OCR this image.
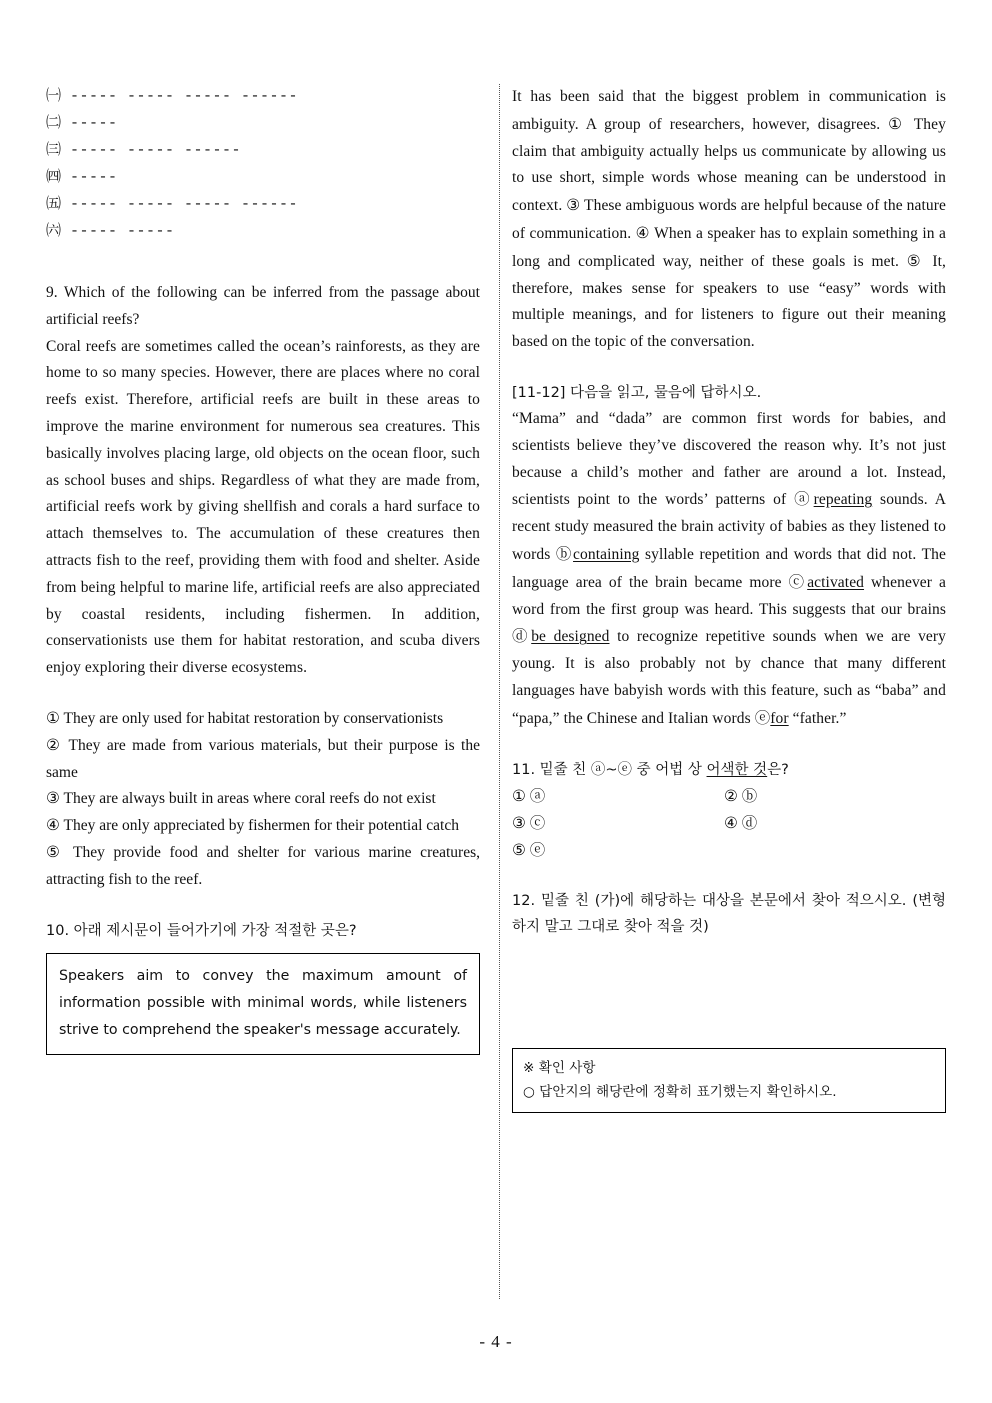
㈠ ----- ----- ----- ------
㈡ -----
㈢ ----- ----- ------
㈣ -----
㈤ ----- ----- ----- ------
㈥ ----- -----

9. Which of the following can be inferred from the passage about artificial reefs?

Coral reefs are sometimes called the ocean’s rainforests, as they are home to so many species. However, there are places where no coral reefs exist. Therefore, artificial reefs are built in these areas to improve the marine environment for numerous sea creatures. This basically involves placing large, old objects on the ocean floor, such as school buses and ships. Regardless of what they are made from, artificial reefs work by giving shellfish and corals a hard surface to attach themselves to. The accumulation of these creatures then attracts fish to the reef, providing them with food and shelter. Aside from being helpful to marine life, artificial reefs are also appreciated by coastal residents, including fishermen. In addition, conservationists use them for habitat restoration, and scuba divers enjoy exploring their diverse ecosystems.

① They are only used for habitat restoration by conservationists
② They are made from various materials, but their purpose is the same
③ They are always built in areas where coral reefs do not exist
④ They are only appreciated by fishermen for their potential catch
⑤ They provide food and shelter for various marine creatures, attracting fish to the reef.

10. 아래 제시문이 들어가기에 가장 적절한 곳은?

Speakers aim to convey the maximum amount of information possible with minimal words, while listeners strive to comprehend the speaker's message accurately.

It has been said that the biggest problem in communication is ambiguity. A group of researchers, however, disagrees. ① They claim that ambiguity actually helps us communicate by allowing us to use short, simple words whose meaning can be understood in context. ③ These ambiguous words are helpful because of the nature of communication. ④ When a speaker has to explain something in a long and complicated way, neither of these goals is met. ⑤ It, therefore, makes sense for speakers to use “easy” words with multiple meanings, and for listeners to figure out their meaning based on the topic of the conversation.

[11-12] 다음을 읽고, 물음에 답하시오.

“Mama” and “dada” are common first words for babies, and scientists believe they’ve discovered the reason why. It’s not just because a child’s mother and father are around a lot. Instead, scientists point to the words’ patterns of ⓐrepeating sounds. A recent study measured the brain activity of babies as they listened to words ⓑcontaining syllable repetition and words that did not. The language area of the brain became more ⓒactivated whenever a word from the first group was heard. This suggests that our brains ⓓbe designed to recognize repetitive sounds when we are very young. It is also probably not by chance that many different languages have babyish words with this feature, such as “baba” and “papa,” the Chinese and Italian words ⓔfor “father.”

11. 밑줄 친 ⓐ~ⓔ 중 어법 상 어색한 것은?

① ⓐ	② ⓑ
③ ⓒ	④ ⓓ
⑤ ⓔ

12. 밑줄 친 (가)에 해당하는 대상을 본문에서 찾아 적으시오. (변형하지 말고 그대로 찾아 적을 것)

※ 확인 사항

○ 답안지의 해당란에 정확히 표기했는지 확인하시오.

- 4 -
